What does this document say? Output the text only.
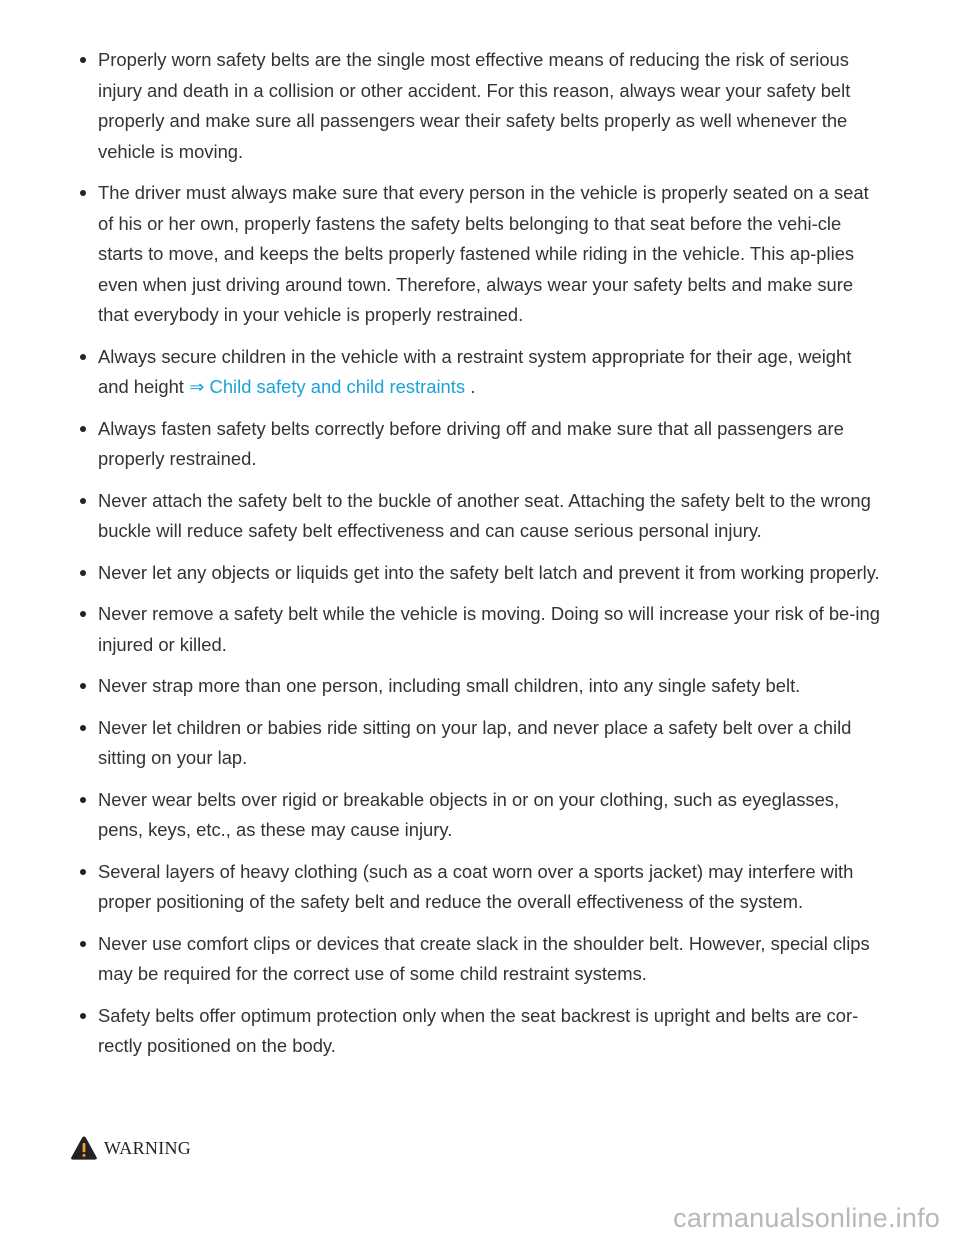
Properly worn safety belts are the single most effective means of reducing the risk of serious injury and death in a collision or other accident. For this reason, always wear your safety belt properly and make sure all passengers wear their safety belts properly as well whenever the vehicle is moving.
The driver must always make sure that every person in the vehicle is properly seated on a seat of his or her own, properly fastens the safety belts belonging to that seat before the vehi-cle starts to move, and keeps the belts properly fastened while riding in the vehicle. This ap-plies even when just driving around town. Therefore, always wear your safety belts and make sure that everybody in your vehicle is properly restrained.
Always secure children in the vehicle with a restraint system appropriate for their age, weight and height ⇒ Child safety and child restraints .
Always fasten safety belts correctly before driving off and make sure that all passengers are properly restrained.
Never attach the safety belt to the buckle of another seat. Attaching the safety belt to the wrong buckle will reduce safety belt effectiveness and can cause serious personal injury.
Never let any objects or liquids get into the safety belt latch and prevent it from working properly.
Never remove a safety belt while the vehicle is moving. Doing so will increase your risk of be-ing injured or killed.
Never strap more than one person, including small children, into any single safety belt.
Never let children or babies ride sitting on your lap, and never place a safety belt over a child sitting on your lap.
Never wear belts over rigid or breakable objects in or on your clothing, such as eyeglasses, pens, keys, etc., as these may cause injury.
Several layers of heavy clothing (such as a coat worn over a sports jacket) may interfere with proper positioning of the safety belt and reduce the overall effectiveness of the system.
Never use comfort clips or devices that create slack in the shoulder belt. However, special clips may be required for the correct use of some child restraint systems.
Safety belts offer optimum protection only when the seat backrest is upright and belts are cor-rectly positioned on the body.
WARNING
carmanualsonline.info
